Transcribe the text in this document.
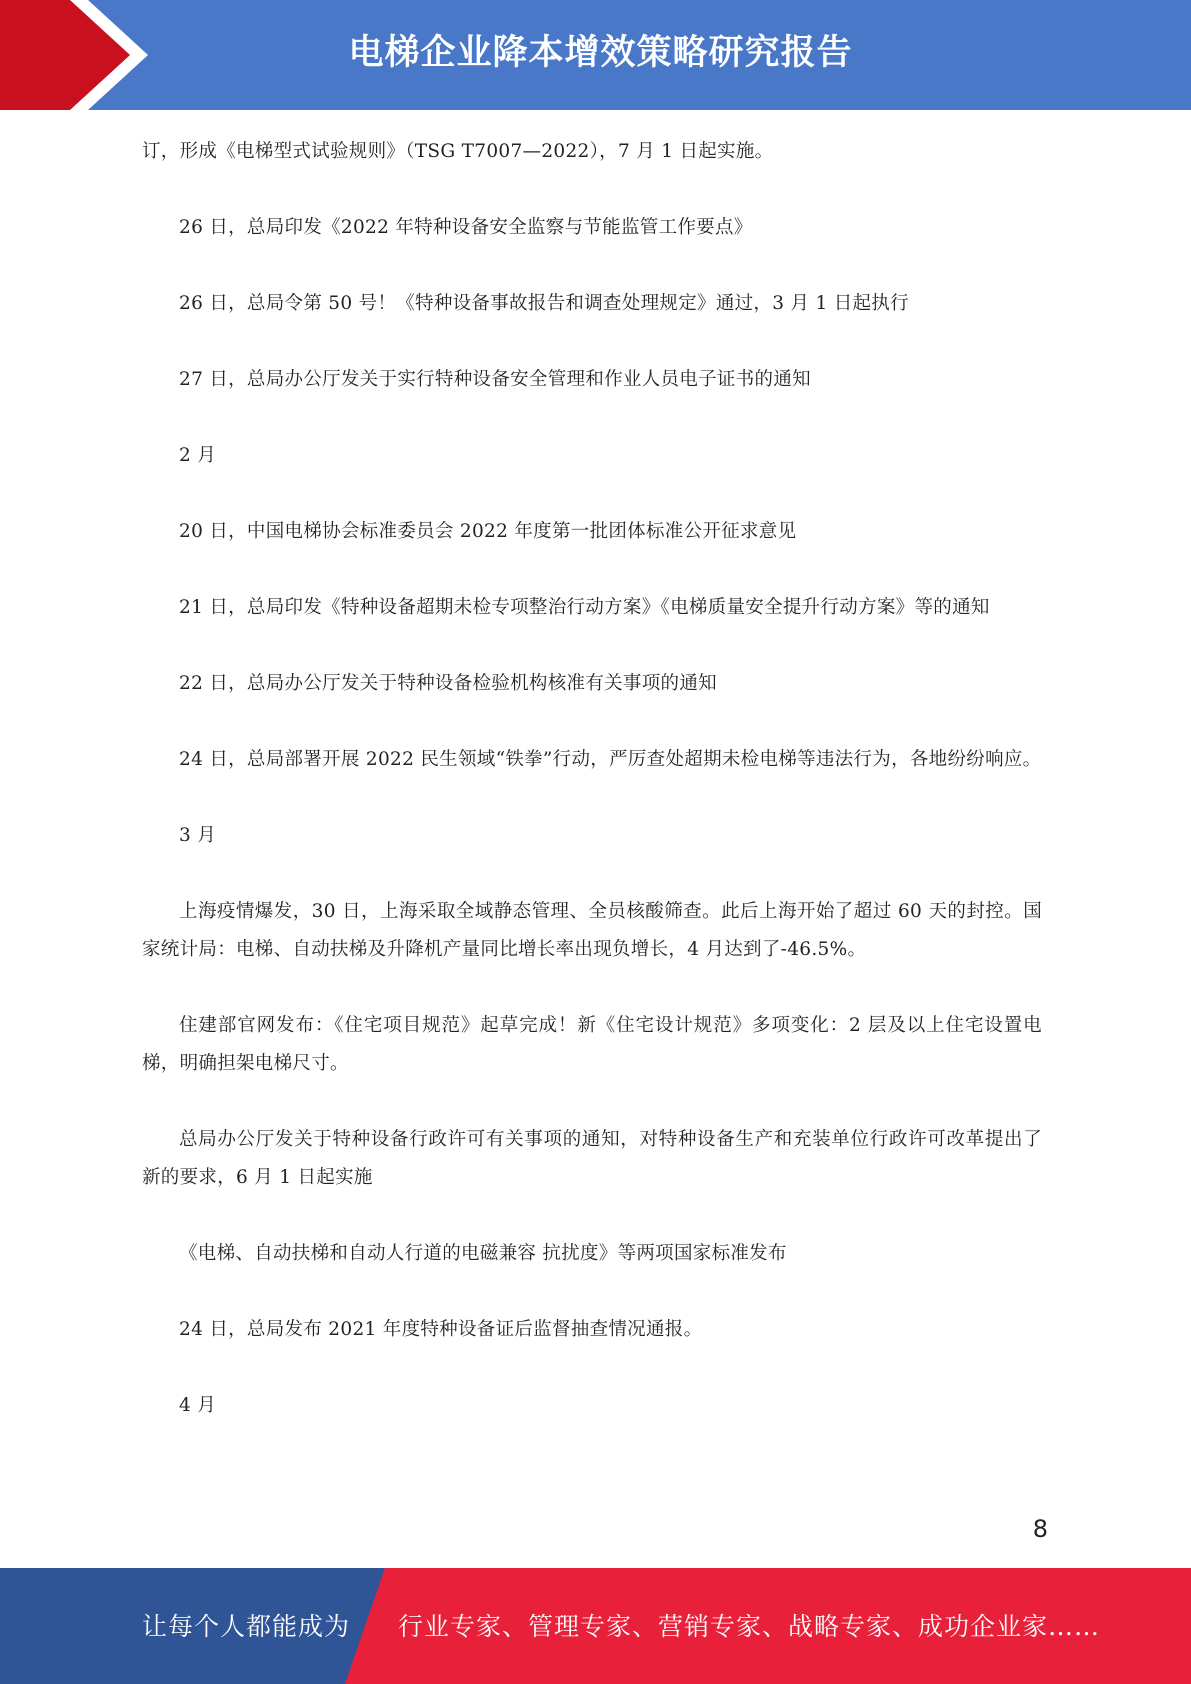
电梯企业降本增效策略研究报告

订，形成《电梯型式试验规则》（TSG T7007—2022），7 月 1 日起实施。

26 日，总局印发《2022 年特种设备安全监察与节能监管工作要点》

26 日，总局令第 50 号！《特种设备事故报告和调查处理规定》通过，3 月 1 日起执行

27 日，总局办公厅发关于实行特种设备安全管理和作业人员电子证书的通知

2 月

20 日，中国电梯协会标准委员会 2022 年度第一批团体标准公开征求意见

21 日，总局印发《特种设备超期未检专项整治行动方案》《电梯质量安全提升行动方案》等的通知

22 日，总局办公厅发关于特种设备检验机构核准有关事项的通知

24 日，总局部署开展 2022 民生领域“铁拳”行动，严厉查处超期未检电梯等违法行为，各地纷纷响应。

3 月

上海疫情爆发，30 日，上海采取全域静态管理、全员核酸筛查。此后上海开始了超过 60 天的封控。国家统计局：电梯、自动扶梯及升降机产量同比增长率出现负增长，4 月达到了-46.5%。

住建部官网发布：《住宅项目规范》起草完成！新《住宅设计规范》多项变化：2 层及以上住宅设置电梯，明确担架电梯尺寸。

总局办公厅发关于特种设备行政许可有关事项的通知，对特种设备生产和充装单位行政许可改革提出了新的要求，6 月 1 日起实施

《电梯、自动扶梯和自动人行道的电磁兼容 抗扰度》等两项国家标准发布

24 日，总局发布 2021 年度特种设备证后监督抽查情况通报。

4 月

8
让每个人都能成为 行业专家、管理专家、营销专家、战略专家、成功企业家……
